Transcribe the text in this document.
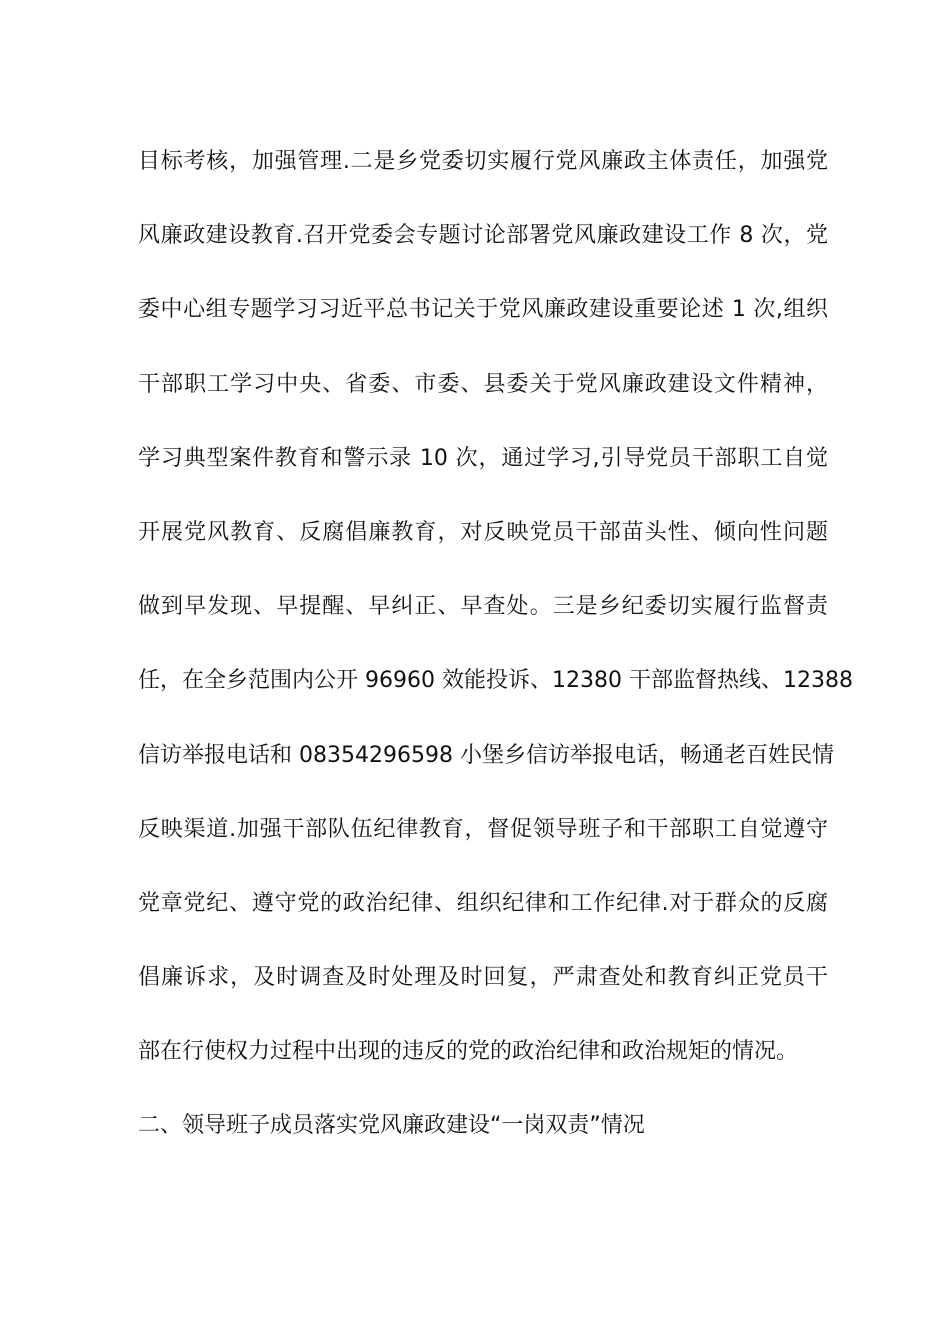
目标考核，加强管理.二是乡党委切实履行党风廉政主体责任，加强党
风廉政建设教育.召开党委会专题讨论部署党风廉政建设工作 8 次，党
委中心组专题学习习近平总书记关于党风廉政建设重要论述 1 次,组织
干部职工学习中央、省委、市委、县委关于党风廉政建设文件精神，
学习典型案件教育和警示录 10 次，通过学习,引导党员干部职工自觉
开展党风教育、反腐倡廉教育，对反映党员干部苗头性、倾向性问题
做到早发现、早提醒、早纠正、早查处。三是乡纪委切实履行监督责
任，在全乡范围内公开 96960 效能投诉、12380 干部监督热线、12388
信访举报电话和 08354296598 小堡乡信访举报电话，畅通老百姓民情
反映渠道.加强干部队伍纪律教育，督促领导班子和干部职工自觉遵守
党章党纪、遵守党的政治纪律、组织纪律和工作纪律.对于群众的反腐
倡廉诉求，及时调查及时处理及时回复，严肃查处和教育纠正党员干
部在行使权力过程中出现的违反的党的政治纪律和政治规矩的情况。
二、领导班子成员落实党风廉政建设“一岗双责”情况
